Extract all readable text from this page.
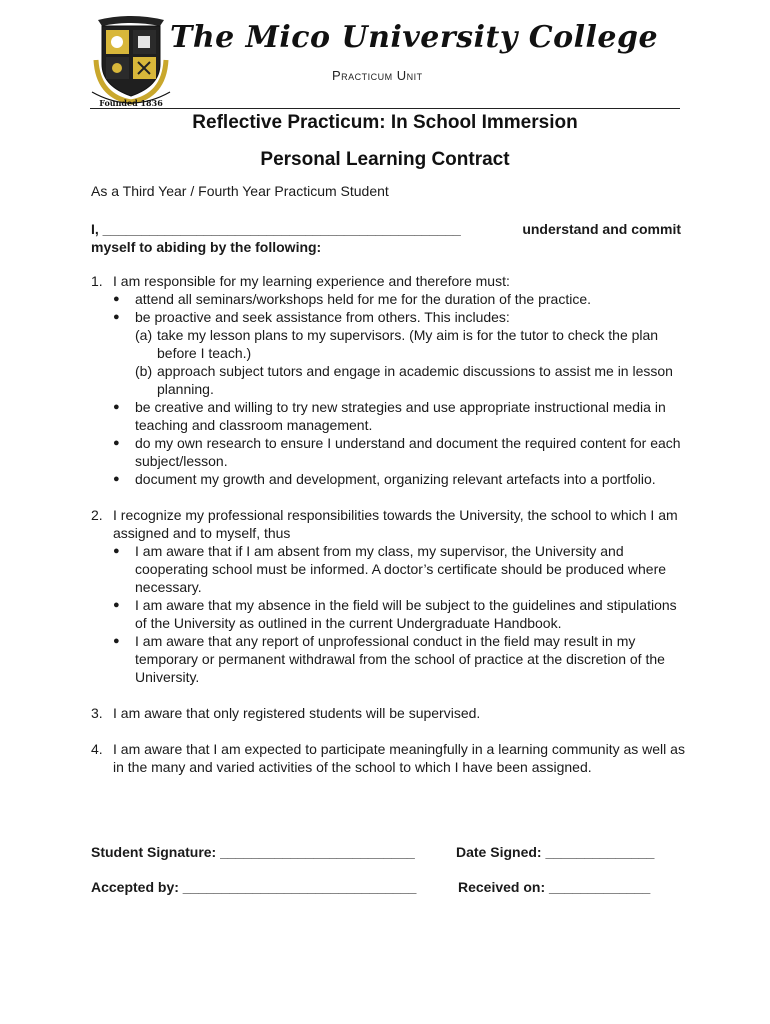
Founded 1836
The Mico University College
Practicum Unit
Reflective Practicum: In School Immersion
Personal Learning Contract
As a Third Year / Fourth Year Practicum Student
I, ______________________________________________	understand and commit
myself to abiding by the following:
1. I am responsible for my learning experience and therefore must:
● attend all seminars/workshops held for me for the duration of the practice.
● be proactive and seek assistance from others. This includes:
(a) take my lesson plans to my supervisors. (My aim is for the tutor to check the plan before I teach.)
(b) approach subject tutors and engage in academic discussions to assist me in lesson planning.
● be creative and willing to try new strategies and use appropriate instructional media in teaching and classroom management.
● do my own research to ensure I understand and document the required content for each subject/lesson.
● document my growth and development, organizing relevant artefacts into a portfolio.
2. I recognize my professional responsibilities towards the University, the school to which I am assigned and to myself, thus
● I am aware that if I am absent from my class, my supervisor, the University and cooperating school must be informed. A doctor’s certificate should be produced where necessary.
● I am aware that my absence in the field will be subject to the guidelines and stipulations of the University as outlined in the current Undergraduate Handbook.
● I am aware that any report of unprofessional conduct in the field may result in my temporary or permanent withdrawal from the school of practice at the discretion of the University.
3. I am aware that only registered students will be supervised.
4. I am aware that I am expected to participate meaningfully in a learning community as well as in the many and varied activities of the school to which I have been assigned.
Student Signature: _________________________	Date Signed: ______________
Accepted by: ______________________________	Received on: _____________
